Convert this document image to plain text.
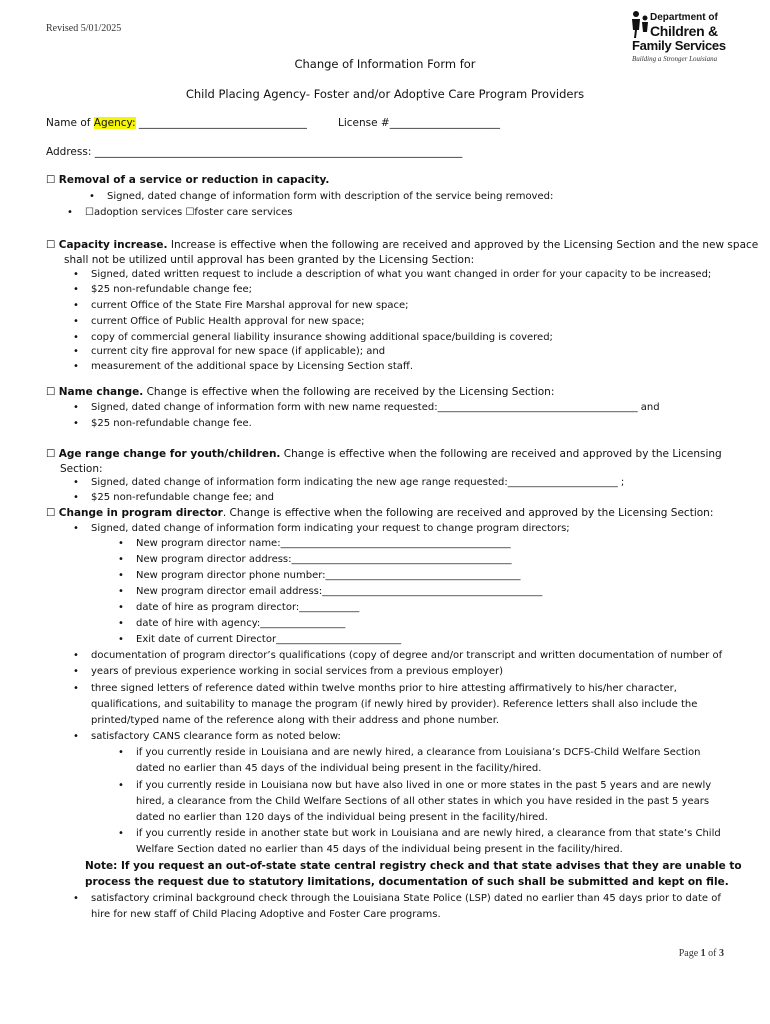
Revised 5/01/2025
Department of
Children &
Family Services
Building a Stronger Louisiana
Change of Information Form for
Child Placing Agency- Foster and/or Adoptive Care Program Providers
Name of Agency: ________________________________	License #_____________________
Address: ______________________________________________________________________
☐ Removal of a service or reduction in capacity.
• Signed, dated change of information form with description of the service being removed:
• ☐adoption services ☐foster care services
☐ Capacity increase. Increase is effective when the following are received and approved by the Licensing Section and the new space
shall not be utilized until approval has been granted by the Licensing Section:
• Signed, dated written request to include a description of what you want changed in order for your capacity to be increased;
• $25 non-refundable change fee;
• current Office of the State Fire Marshal approval for new space;
• current Office of Public Health approval for new space;
• copy of commercial general liability insurance showing additional space/building is covered;
• current city fire approval for new space (if applicable); and
• measurement of the additional space by Licensing Section staff.
☐ Name change. Change is effective when the following are received by the Licensing Section:
• Signed, dated change of information form with new name requested:________________________________________ and
• $25 non-refundable change fee.
☐ Age range change for youth/children. Change is effective when the following are received and approved by the Licensing
Section:
• Signed, dated change of information form indicating the new age range requested:______________________ ;
• $25 non-refundable change fee; and
☐ Change in program director. Change is effective when the following are received and approved by the Licensing Section:
• Signed, dated change of information form indicating your request to change program directors;
• New program director name:______________________________________________
• New program director address:____________________________________________
• New program director phone number:_______________________________________
• New program director email address:____________________________________________
• date of hire as program director:____________
• date of hire with agency:_________________
• Exit date of current Director_________________________
• documentation of program director’s qualifications (copy of degree and/or transcript and written documentation of number of
• years of previous experience working in social services from a previous employer)
• three signed letters of reference dated within twelve months prior to hire attesting affirmatively to his/her character,
qualifications, and suitability to manage the program (if newly hired by provider). Reference letters shall also include the
printed/typed name of the reference along with their address and phone number.
• satisfactory CANS clearance form as noted below:
• if you currently reside in Louisiana and are newly hired, a clearance from Louisiana’s DCFS-Child Welfare Section
dated no earlier than 45 days of the individual being present in the facility/hired.
• if you currently reside in Louisiana now but have also lived in one or more states in the past 5 years and are newly
hired, a clearance from the Child Welfare Sections of all other states in which you have resided in the past 5 years
dated no earlier than 120 days of the individual being present in the facility/hired.
• if you currently reside in another state but work in Louisiana and are newly hired, a clearance from that state’s Child
Welfare Section dated no earlier than 45 days of the individual being present in the facility/hired.
Note: If you request an out-of-state state central registry check and that state advises that they are unable to
process the request due to statutory limitations, documentation of such shall be submitted and kept on file.
• satisfactory criminal background check through the Louisiana State Police (LSP) dated no earlier than 45 days prior to date of
hire for new staff of Child Placing Adoptive and Foster Care programs.
Page 1 of 3
